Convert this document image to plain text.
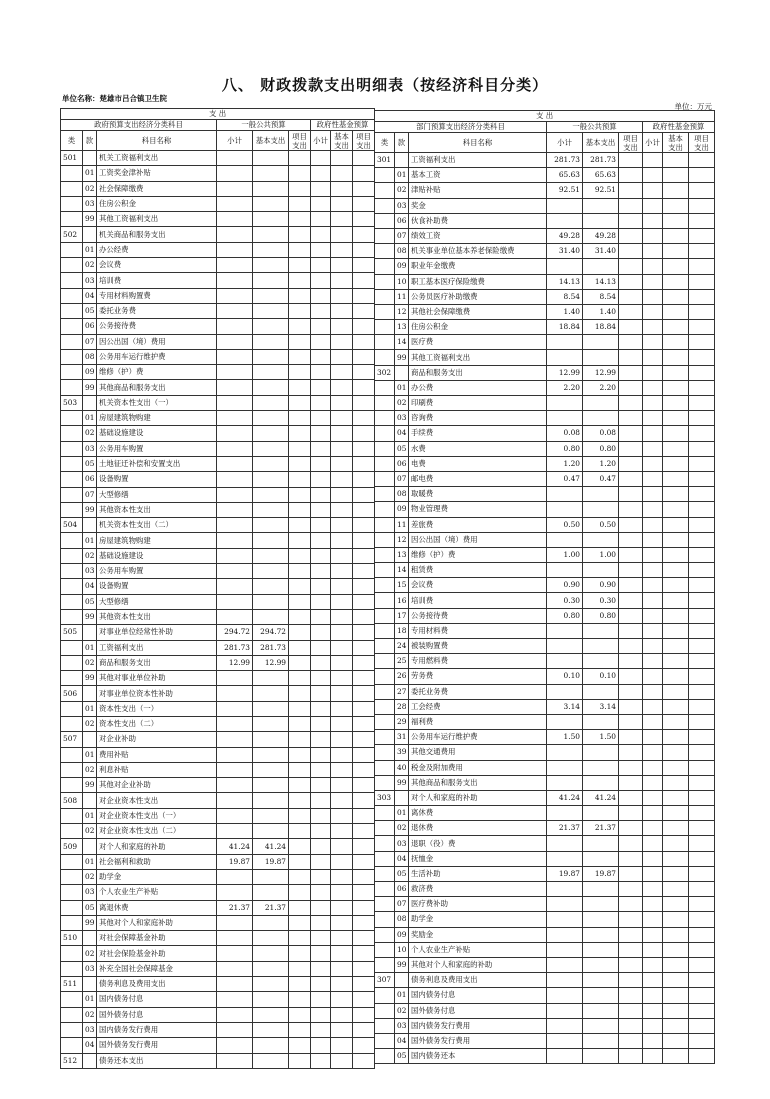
八、 财政拨款支出明细表（按经济科目分类）
单位名称：楚雄市吕合镇卫生院
单位：万元
支 出								
政府预算支出经济分类科目			一般公共预算			政府性基金预算		
类	款	科目名称	小计	基本支出	项目支出	小计	基本支出	项目支出
501		机关工资福利支出						
	01	工资奖金津补贴						
	02	社会保障缴费						
	03	住房公积金						
	99	其他工资福利支出						
502		机关商品和服务支出						
	01	办公经费						
	02	会议费						
	03	培训费						
	04	专用材料购置费						
	05	委托业务费						
	06	公务接待费						
	07	因公出国（境）费用						
	08	公务用车运行维护费						
	09	维修（护）费						
	99	其他商品和服务支出						
503		机关资本性支出（一）						
	01	房屋建筑物购建						
	02	基础设施建设						
	03	公务用车购置						
	05	土地征迁补偿和安置支出						
	06	设备购置						
	07	大型修缮						
	99	其他资本性支出						
504		机关资本性支出（二）						
	01	房屋建筑物购建						
	02	基础设施建设						
	03	公务用车购置						
	04	设备购置						
	05	大型修缮						
	99	其他资本性支出						
505		对事业单位经常性补助	294.72	294.72				
	01	工资福利支出	281.73	281.73				
	02	商品和服务支出	12.99	12.99				
	99	其他对事业单位补助						
506		对事业单位资本性补助						
	01	资本性支出（一）						
	02	资本性支出（二）						
507		对企业补助						
	01	费用补贴						
	02	利息补贴						
	99	其他对企业补助						
508		对企业资本性支出						
	01	对企业资本性支出（一）						
	02	对企业资本性支出（二）						
509		对个人和家庭的补助	41.24	41.24				
	01	社会福利和救助	19.87	19.87				
	02	助学金						
	03	个人农业生产补贴						
	05	离退休费	21.37	21.37				
	99	其他对个人和家庭补助						
510		对社会保障基金补助						
	02	对社会保险基金补助						
	03	补充全国社会保障基金						
511		债务利息及费用支出						
	01	国内债务付息						
	02	国外债务付息						
	03	国内债务发行费用						
	04	国外债务发行费用						
512		债务还本支出						
支 出								
部门预算支出经济分类科目			一般公共预算			政府性基金预算		
类	款	科目名称	小计	基本支出	项目支出	小计	基本支出	项目支出
301		工资福利支出	281.73	281.73				
	01	基本工资	65.63	65.63				
	02	津贴补贴	92.51	92.51				
	03	奖金						
	06	伙食补助费						
	07	绩效工资	49.28	49.28				
	08	机关事业单位基本养老保险缴费	31.40	31.40				
	09	职业年金缴费						
	10	职工基本医疗保险缴费	14.13	14.13				
	11	公务员医疗补助缴费	8.54	8.54				
	12	其他社会保障缴费	1.40	1.40				
	13	住房公积金	18.84	18.84				
	14	医疗费						
	99	其他工资福利支出						
302		商品和服务支出	12.99	12.99				
	01	办公费	2.20	2.20				
	02	印刷费						
	03	咨询费						
	04	手续费	0.08	0.08				
	05	水费	0.80	0.80				
	06	电费	1.20	1.20				
	07	邮电费	0.47	0.47				
	08	取暖费						
	09	物业管理费						
	11	差旅费	0.50	0.50				
	12	因公出国（境）费用						
	13	维修（护）费	1.00	1.00				
	14	租赁费						
	15	会议费	0.90	0.90				
	16	培训费	0.30	0.30				
	17	公务接待费	0.80	0.80				
	18	专用材料费						
	24	被装购置费						
	25	专用燃料费						
	26	劳务费	0.10	0.10				
	27	委托业务费						
	28	工会经费	3.14	3.14				
	29	福利费						
	31	公务用车运行维护费	1.50	1.50				
	39	其他交通费用						
	40	税金及附加费用						
	99	其他商品和服务支出						
303		对个人和家庭的补助	41.24	41.24				
	01	离休费						
	02	退休费	21.37	21.37				
	03	退职（役）费						
	04	抚恤金						
	05	生活补助	19.87	19.87				
	06	救济费						
	07	医疗费补助						
	08	助学金						
	09	奖励金						
	10	个人农业生产补贴						
	99	其他对个人和家庭的补助						
307		债务利息及费用支出						
	01	国内债务付息						
	02	国外债务付息						
	03	国内债务发行费用						
	04	国外债务发行费用						
	05	国内债务还本						
